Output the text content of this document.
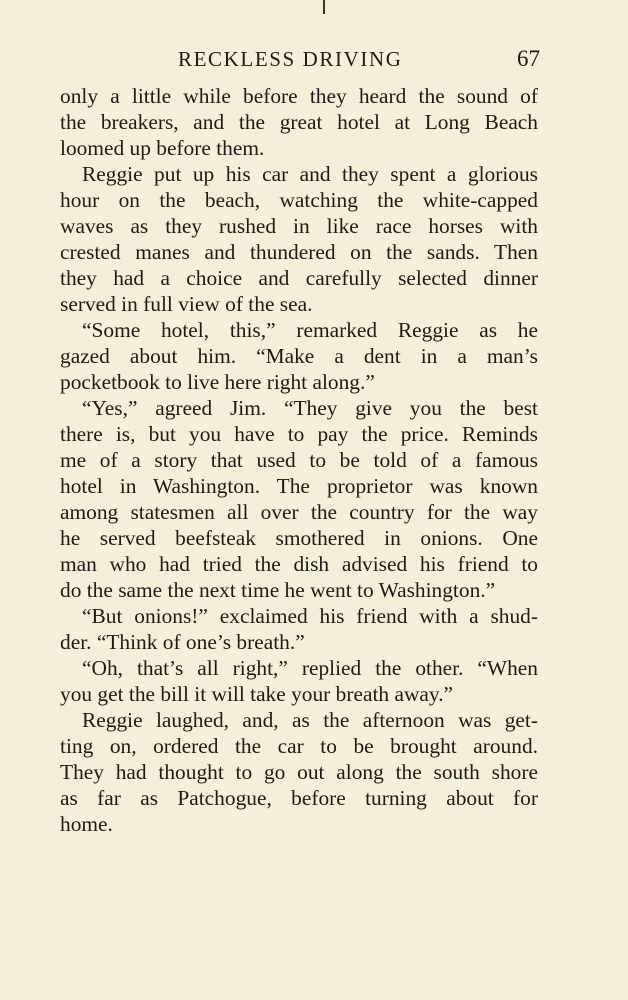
RECKLESS DRIVING	67
only a little while before they heard the sound of
the breakers, and the great hotel at Long Beach
loomed up before them.
Reggie put up his car and they spent a glorious
hour on the beach, watching the white-capped
waves as they rushed in like race horses with
crested manes and thundered on the sands. Then
they had a choice and carefully selected dinner
served in full view of the sea.
“Some hotel, this,” remarked Reggie as he
gazed about him. “Make a dent in a man’s
pocketbook to live here right along.”
“Yes,” agreed Jim. “They give you the best
there is, but you have to pay the price. Reminds
me of a story that used to be told of a famous
hotel in Washington. The proprietor was known
among statesmen all over the country for the way
he served beefsteak smothered in onions. One
man who had tried the dish advised his friend to
do the same the next time he went to Washington.”
“But onions!” exclaimed his friend with a shud-
der. “Think of one’s breath.”
“Oh, that’s all right,” replied the other. “When
you get the bill it will take your breath away.”
Reggie laughed, and, as the afternoon was get-
ting on, ordered the car to be brought around.
They had thought to go out along the south shore
as far as Patchogue, before turning about for
home.
